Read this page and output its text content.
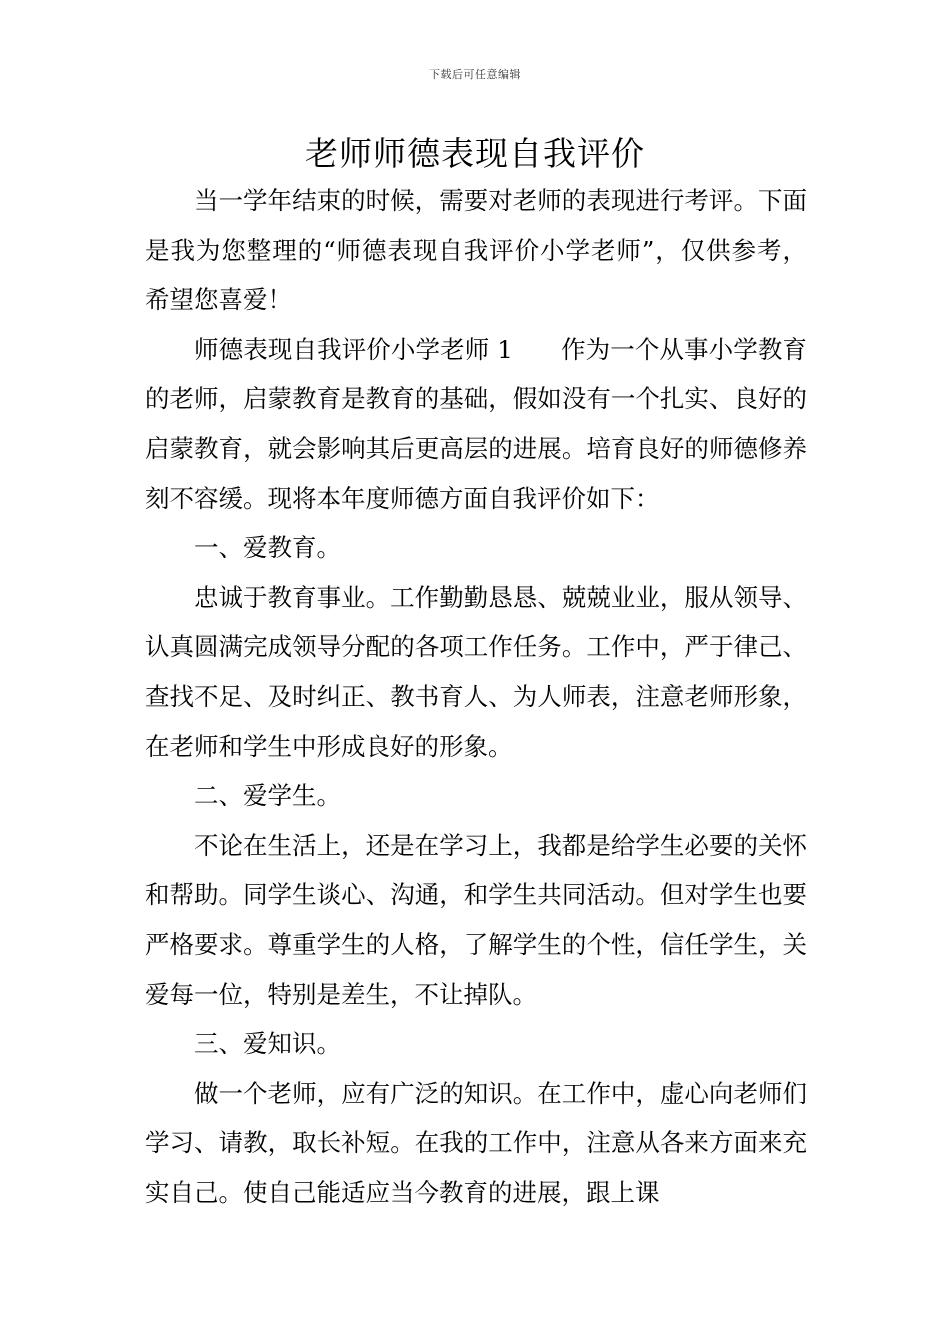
下载后可任意编辑
老师师德表现自我评价

当一学年结束的时候，需要对老师的表现进行考评。下面是我为您整理的“师德表现自我评价小学老师”，仅供参考，希望您喜爱！

师德表现自我评价小学老师 1 作为一个从事小学教育的老师，启蒙教育是教育的基础，假如没有一个扎实、良好的启蒙教育，就会影响其后更高层的进展。培育良好的师德修养刻不容缓。现将本年度师德方面自我评价如下：

一、爱教育。

忠诚于教育事业。工作勤勤恳恳、兢兢业业，服从领导、认真圆满完成领导分配的各项工作任务。工作中，严于律己、查找不足、及时纠正、教书育人、为人师表，注意老师形象，在老师和学生中形成良好的形象。

二、爱学生。

不论在生活上，还是在学习上，我都是给学生必要的关怀和帮助。同学生谈心、沟通，和学生共同活动。但对学生也要严格要求。尊重学生的人格，了解学生的个性，信任学生，关爱每一位，特别是差生，不让掉队。

三、爱知识。

做一个老师，应有广泛的知识。在工作中，虚心向老师们学习、请教，取长补短。在我的工作中，注意从各来方面来充实自己。使自己能适应当今教育的进展，跟上课
